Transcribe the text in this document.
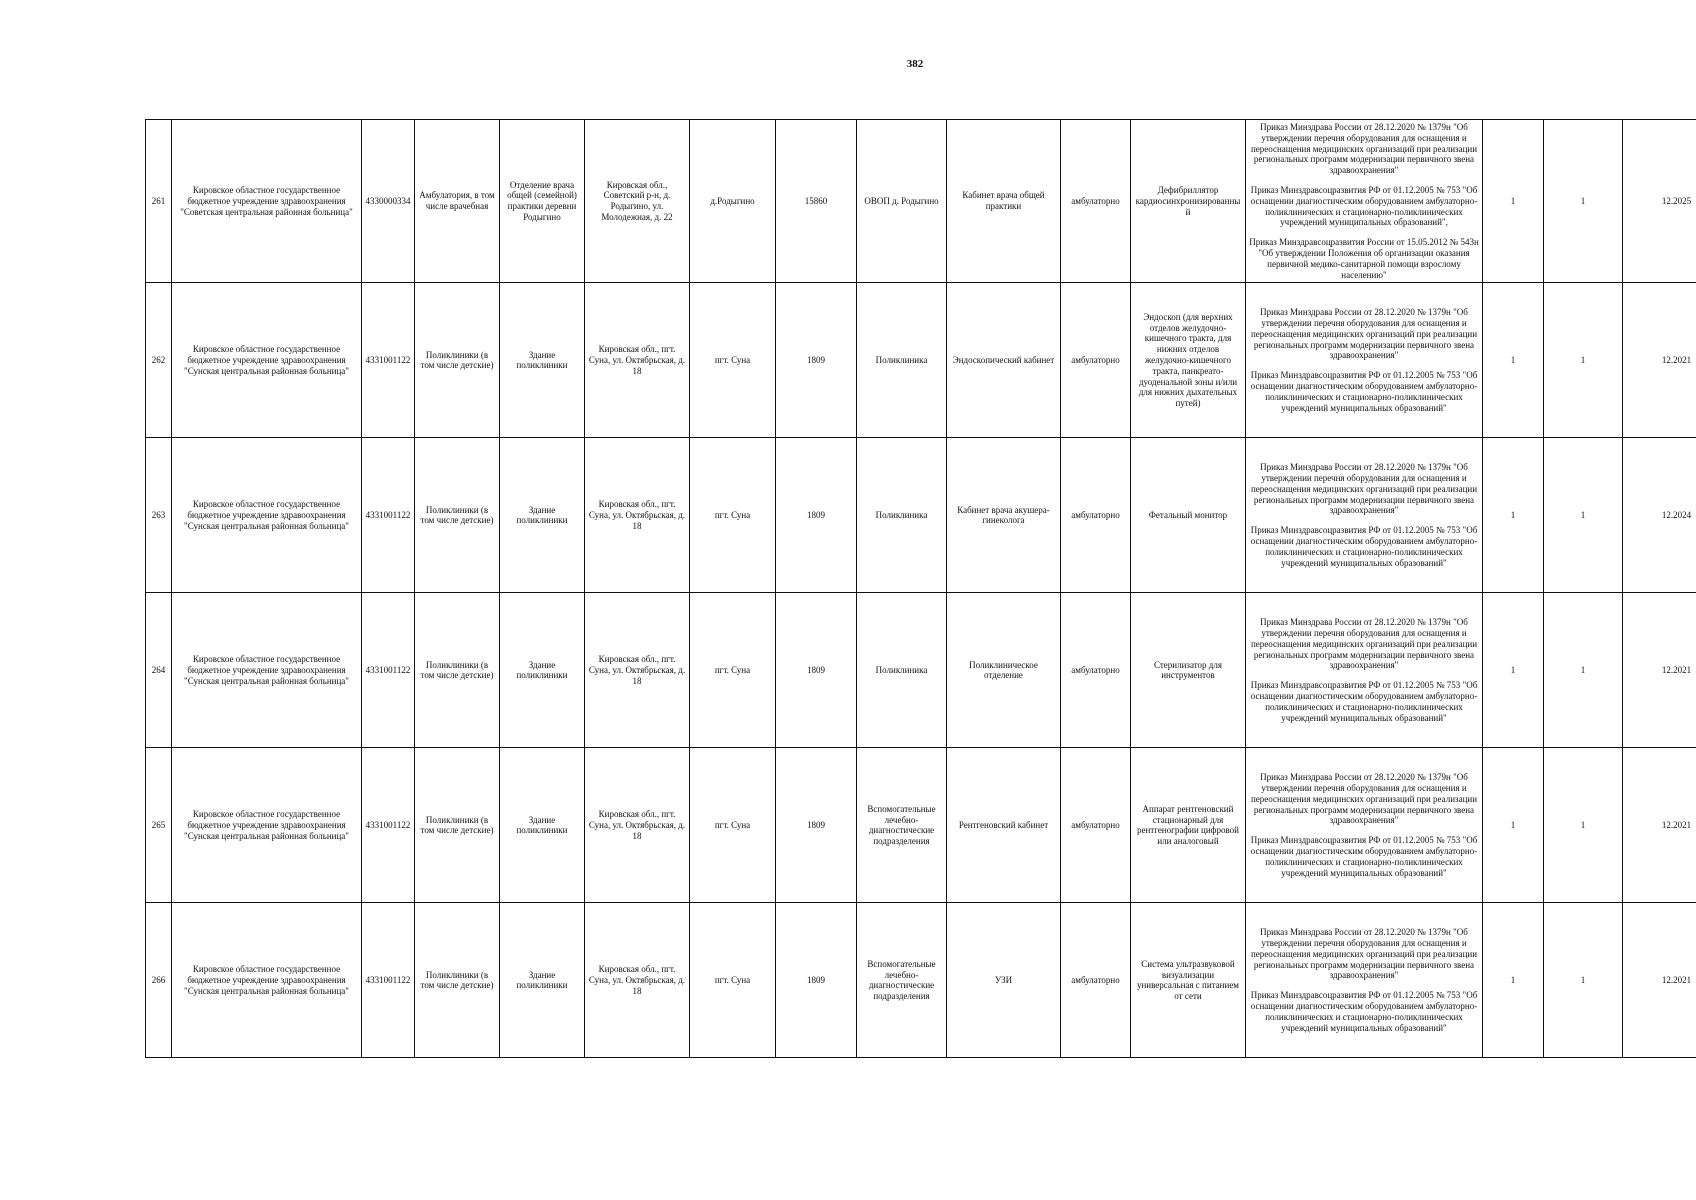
382
261	Кировское областное государственное бюджетное учреждение здравоохранения "Советская центральная районная больница"	4330000334	Амбулатория, в том числе врачебная	Отделение врача общей (семейной) практики деревни Родыгино	Кировская обл., Советский р-н, д. Родыгино, ул. Молодежная, д. 22	д.Родыгино	15860	ОВОП д. Родыгино	Кабинет врача общей практики	амбулаторно	Дефибриллятор кардиосинхронизированный	Приказ Минздрава России от 28.12.2020 № 1379н "Об утверждении перечня оборудования для оснащения и переоснащения медицинских организаций при реализации региональных программ модернизации первичного звена здравоохранения"

Приказ Минздравсоцразвития РФ от 01.12.2005 № 753 "Об оснащении диагностическим оборудованием амбулаторно-поликлинических и стационарно-поликлинических учреждений муниципальных образований",

Приказ Минздравсоцразвития России от 15.05.2012 № 543н "Об утверждении Положения об организации оказания первичной медико-санитарной помощи взрослому населению"	1	1	12.2025
262	Кировское областное государственное бюджетное учреждение здравоохранения "Сунская центральная районная больница"	4331001122	Поликлиники (в том числе детские)	Здание поликлиники	Кировская обл., пгт. Суна, ул. Октябрьская, д. 18	пгт. Суна	1809	Поликлиника	Эндоскопический кабинет	амбулаторно	Эндоскоп (для верхних отделов желудочно-кишечного тракта, для нижних отделов желудочно-кишечного тракта, панкреато-дуоденальной зоны и/или для нижних дыхательных путей)	Приказ Минздрава России от 28.12.2020 № 1379н "Об утверждении перечня оборудования для оснащения и переоснащения медицинских организаций при реализации региональных программ модернизации первичного звена здравоохранения"

Приказ Минздравсоцразвития РФ от 01.12.2005 № 753 "Об оснащении диагностическим оборудованием амбулаторно-поликлинических и стационарно-поликлинических учреждений муниципальных образований"	1	1	12.2021
263	Кировское областное государственное бюджетное учреждение здравоохранения "Сунская центральная районная больница"	4331001122	Поликлиники (в том числе детские)	Здание поликлиники	Кировская обл., пгт. Суна, ул. Октябрьская, д. 18	пгт. Суна	1809	Поликлиника	Кабинет врача акушера-гинеколога	амбулаторно	Фетальный монитор	Приказ Минздрава России от 28.12.2020 № 1379н "Об утверждении перечня оборудования для оснащения и переоснащения медицинских организаций при реализации региональных программ модернизации первичного звена здравоохранения"

Приказ Минздравсоцразвития РФ от 01.12.2005 № 753 "Об оснащении диагностическим оборудованием амбулаторно-поликлинических и стационарно-поликлинических учреждений муниципальных образований"	1	1	12.2024
264	Кировское областное государственное бюджетное учреждение здравоохранения "Сунская центральная районная больница"	4331001122	Поликлиники (в том числе детские)	Здание поликлиники	Кировская обл., пгт. Суна, ул. Октябрьская, д. 18	пгт. Суна	1809	Поликлиника	Поликлиническое отделение	амбулаторно	Стерилизатор для инструментов	Приказ Минздрава России от 28.12.2020 № 1379н "Об утверждении перечня оборудования для оснащения и переоснащения медицинских организаций при реализации региональных программ модернизации первичного звена здравоохранения"

Приказ Минздравсоцразвития РФ от 01.12.2005 № 753 "Об оснащении диагностическим оборудованием амбулаторно-поликлинических и стационарно-поликлинических учреждений муниципальных образований"	1	1	12.2021
265	Кировское областное государственное бюджетное учреждение здравоохранения "Сунская центральная районная больница"	4331001122	Поликлиники (в том числе детские)	Здание поликлиники	Кировская обл., пгт. Суна, ул. Октябрьская, д. 18	пгт. Суна	1809	Вспомогательные лечебно-диагностические подразделения	Рентгеновский кабинет	амбулаторно	Аппарат рентгеновский стационарный для рентгенографии цифровой или аналоговый	Приказ Минздрава России от 28.12.2020 № 1379н "Об утверждении перечня оборудования для оснащения и переоснащения медицинских организаций при реализации региональных программ модернизации первичного звена здравоохранения"

Приказ Минздравсоцразвития РФ от 01.12.2005 № 753 "Об оснащении диагностическим оборудованием амбулаторно-поликлинических и стационарно-поликлинических учреждений муниципальных образований"	1	1	12.2021
266	Кировское областное государственное бюджетное учреждение здравоохранения "Сунская центральная районная больница"	4331001122	Поликлиники (в том числе детские)	Здание поликлиники	Кировская обл., пгт. Суна, ул. Октябрьская, д. 18	пгт. Суна	1809	Вспомогательные лечебно-диагностические подразделения	УЗИ	амбулаторно	Система ультразвуковой визуализации универсальная с питанием от сети	Приказ Минздрава России от 28.12.2020 № 1379н "Об утверждении перечня оборудования для оснащения и переоснащения медицинских организаций при реализации региональных программ модернизации первичного звена здравоохранения"

Приказ Минздравсоцразвития РФ от 01.12.2005 № 753 "Об оснащении диагностическим оборудованием амбулаторно-поликлинических и стационарно-поликлинических учреждений муниципальных образований"	1	1	12.2021
